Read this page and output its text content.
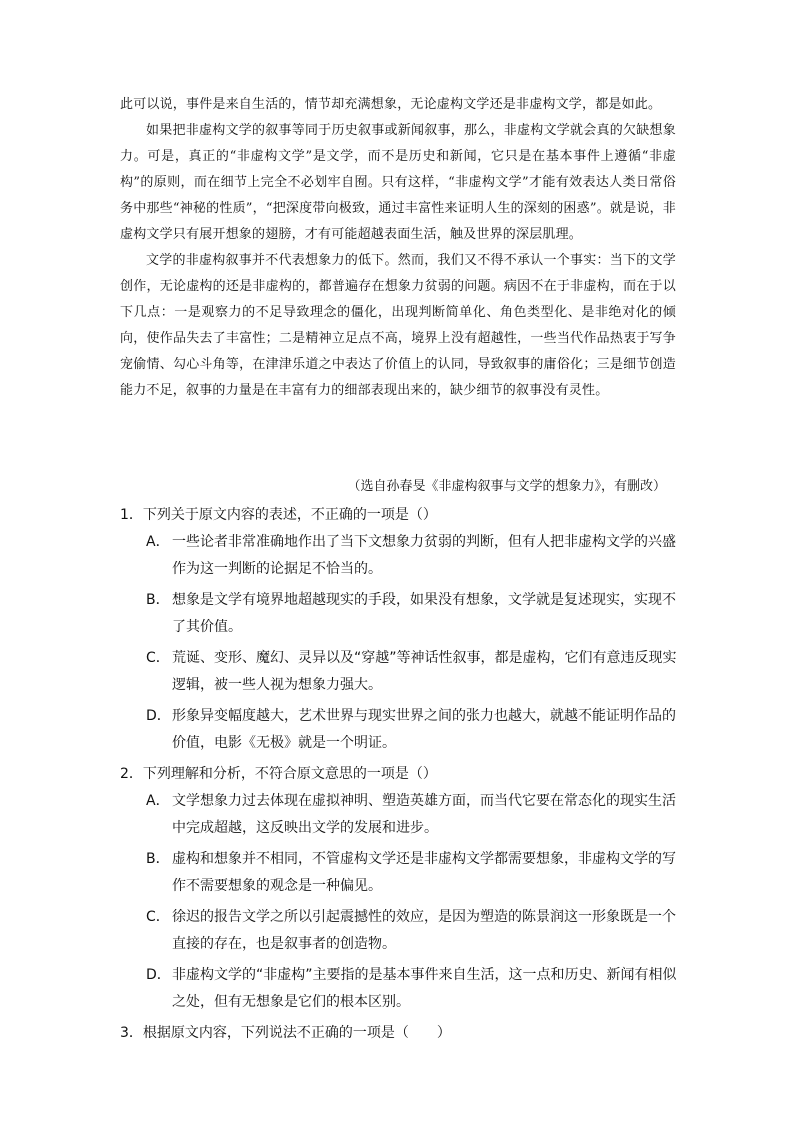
此可以说，事件是来自生活的，情节却充满想象，无论虚构文学还是非虚构文学，都是如此。

如果把非虚构文学的叙事等同于历史叙事或新闻叙事，那么，非虚构文学就会真的欠缺想象力。可是，真正的“非虚构文学”是文学，而不是历史和新闻，它只是在基本事件上遵循“非虚构”的原则，而在细节上完全不必划牢自囿。只有这样，“非虚构文学”才能有效表达人类日常俗务中那些“神秘的性质”，“把深度带向极致，通过丰富性来证明人生的深刻的困惑”。就是说，非虚构文学只有展开想象的翅膀，才有可能超越表面生活，触及世界的深层肌理。

文学的非虚构叙事并不代表想象力的低下。然而，我们又不得不承认一个事实：当下的文学创作，无论虚构的还是非虚构的，都普遍存在想象力贫弱的问题。病因不在于非虚构，而在于以下几点：一是观察力的不足导致理念的僵化，出现判断简单化、角色类型化、是非绝对化的倾向，使作品失去了丰富性；二是精神立足点不高，境界上没有超越性，一些当代作品热衷于写争宠偷情、勾心斗角等，在津津乐道之中表达了价值上的认同，导致叙事的庸俗化；三是细节创造能力不足，叙事的力量是在丰富有力的细部表现出来的，缺少细节的叙事没有灵性。

（选自孙春旻《非虚构叙事与文学的想象力》，有删改）
1．下列关于原文内容的表述，不正确的一项是（）
A． 一些论者非常准确地作出了当下文想象力贫弱的判断，但有人把非虚构文学的兴盛作为这一判断的论据足不恰当的。
B． 想象是文学有境界地超越现实的手段，如果没有想象，文学就是复述现实，实现不了其价值。
C． 荒诞、变形、魔幻、灵异以及“穿越”等神话性叙事，都是虚构，它们有意违反现实逻辑，被一些人视为想象力强大。
D． 形象异变幅度越大，艺术世界与现实世界之间的张力也越大，就越不能证明作品的价值，电影《无极》就是一个明证。
2．下列理解和分析，不符合原文意思的一项是（）
A． 文学想象力过去体现在虚拟神明、塑造英雄方面，而当代它要在常态化的现实生活中完成超越，这反映出文学的发展和进步。
B． 虚构和想象并不相同，不管虚构文学还是非虚构文学都需要想象，非虚构文学的写作不需要想象的观念是一种偏见。
C． 徐迟的报告文学之所以引起震撼性的效应，是因为塑造的陈景润这一形象既是一个直接的存在，也是叙事者的创造物。
D． 非虚构文学的“非虚构”主要指的是基本事件来自生活，这一点和历史、新闻有相似之处，但有无想象是它们的根本区别。
3．根据原文内容，下列说法不正确的一项是（　　）
